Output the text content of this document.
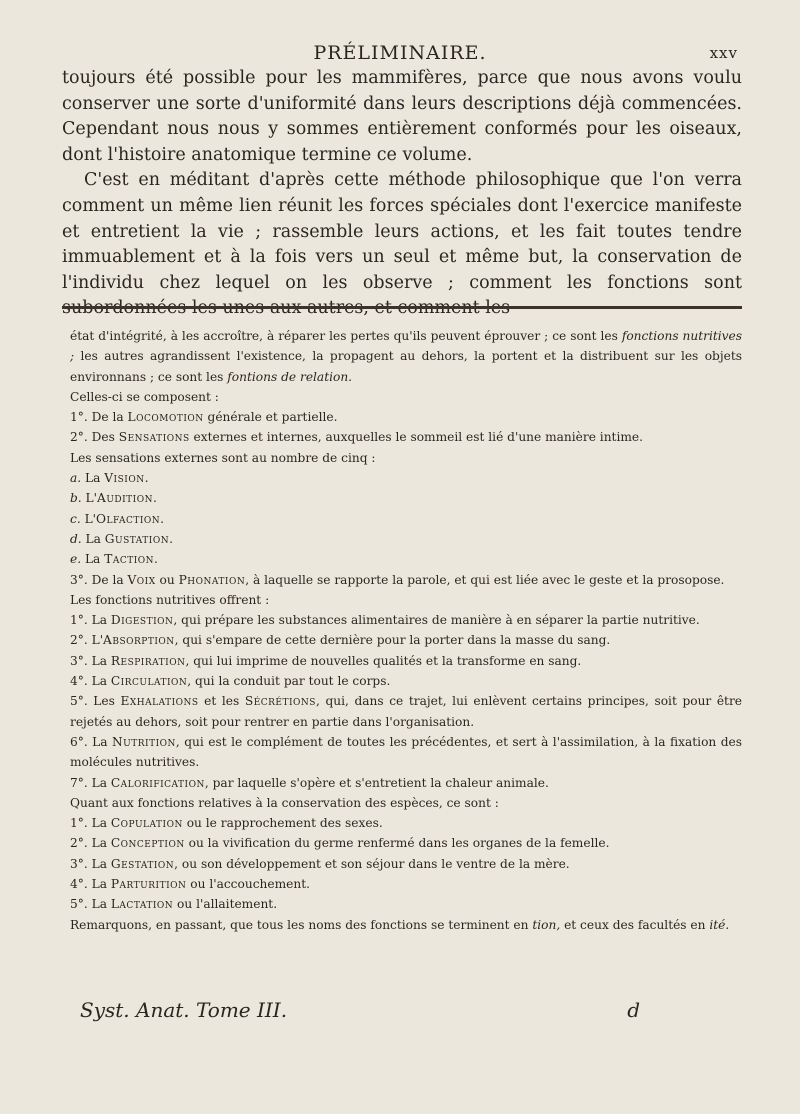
PRÉLIMINAIRE.	xxv

toujours été possible pour les mammifères, parce que nous avons voulu conserver une sorte d'uniformité dans leurs descriptions déjà commencées. Cependant nous nous y sommes entièrement conformés pour les oiseaux, dont l'histoire anatomique termine ce volume.

C'est en méditant d'après cette méthode philosophique que l'on verra comment un même lien réunit les forces spéciales dont l'exercice manifeste et entretient la vie ; rassemble leurs actions, et les fait toutes tendre immuablement et à la fois vers un seul et même but, la conservation de l'individu chez lequel on les observe ; comment les fonctions sont

état d'intégrité, à les accroître, à réparer les pertes qu'ils peuvent éprouver ; ce sont les fonctions nutritives ; les autres agrandissent l'existence, la propagent au dehors, la portent et la distribuent sur les objets environnans ; ce sont les fontions de relation.

Celles-ci se composent :

1°. De la Locomotion générale et partielle.

2°. Des Sensations externes et internes, auxquelles le sommeil est lié d'une manière intime.

Les sensations externes sont au nombre de cinq :

a. La Vision.

b. L'Audition.

c. L'Olfaction.

d. La Gustation.

e. La Taction.

3°. De la Voix ou Phonation, à laquelle se rapporte la parole, et qui est liée avec le geste et la prosopose.

Les fonctions nutritives offrent :

1°. La Digestion, qui prépare les substances alimentaires de manière à en séparer la partie nutritive.

2°. L'Absorption, qui s'empare de cette dernière pour la porter dans la masse du sang.

3°. La Respiration, qui lui imprime de nouvelles qualités et la transforme en sang.

4°. La Circulation, qui la conduit par tout le corps.

5°. Les Exhalations et les Sécrétions, qui, dans ce trajet, lui enlèvent certains principes, soit pour être rejetés au dehors, soit pour rentrer en partie dans l'organisation.

6°. La Nutrition, qui est le complément de toutes les précédentes, et sert à l'assimilation, à la fixation des molécules nutritives.

7°. La Calorification, par laquelle s'opère et s'entretient la chaleur animale.

Quant aux fonctions relatives à la conservation des espèces, ce sont :

1°. La Copulation ou le rapprochement des sexes.

2°. La Conception ou la vivification du germe renfermé dans les organes de la femelle.

3°. La Gestation, ou son développement et son séjour dans le ventre de la mère.

4°. La Parturition ou l'accouchement.

5°. La Lactation ou l'allaitement.

Remarquons, en passant, que tous les noms des fonctions se terminent en tion, et ceux des facultés en ité.

Syst. Anat. Tome III.	d
